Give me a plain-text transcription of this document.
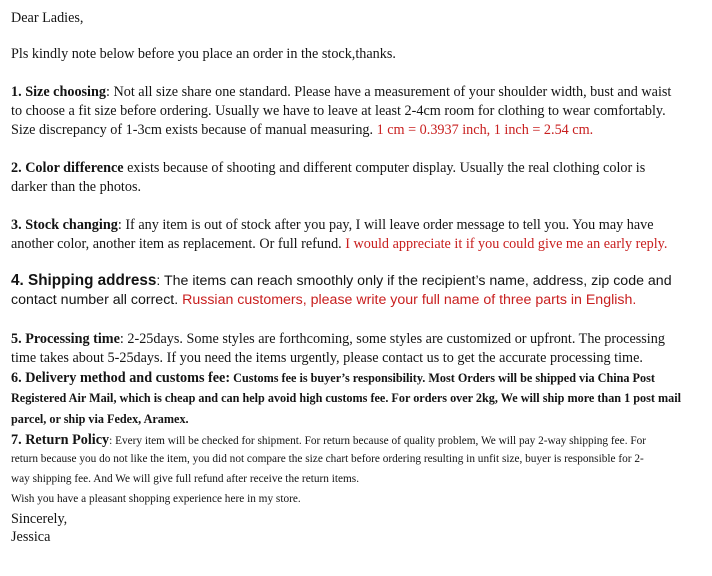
Dear Ladies,
Pls kindly note below before you place an order in the stock,thanks.
1. Size choosing: Not all size share one standard. Please have a measurement of your shoulder width, bust and waist
to choose a fit size before ordering. Usually we have to leave at least 2-4cm room for clothing to wear comfortably.
Size discrepancy of 1-3cm exists because of manual measuring. 1 cm = 0.3937 inch, 1 inch = 2.54 cm.
2. Color difference exists because of shooting and different computer display. Usually the real clothing color is
darker than the photos.
3. Stock changing: If any item is out of stock after you pay, I will leave order message to tell you. You may have
another color, another item as replacement. Or full refund. I would appreciate it if you could give me an early reply.
4. Shipping address: The items can reach smoothly only if the recipient’s name, address, zip code and
contact number all correct. Russian customers, please write your full name of three parts in English.
5. Processing time: 2-25days. Some styles are forthcoming, some styles are customized or upfront. The processing
time takes about 5-25days. If you need the items urgently, please contact us to get the accurate processing time.
6. Delivery method and customs fee: Customs fee is buyer’s responsibility. Most Orders will be shipped via China Post
Registered Air Mail, which is cheap and can help avoid high customs fee. For orders over 2kg, We will ship more than 1 post mail
parcel, or ship via Fedex, Aramex.
7. Return Policy: Every item will be checked for shipment. For return because of quality problem, We will pay 2-way shipping fee. For
return because you do not like the item, you did not compare the size chart before ordering resulting in unfit size, buyer is responsible for 2-
way shipping fee. And We will give full refund after receive the return items.
Wish you have a pleasant shopping experience here in my store.
Sincerely,
Jessica
